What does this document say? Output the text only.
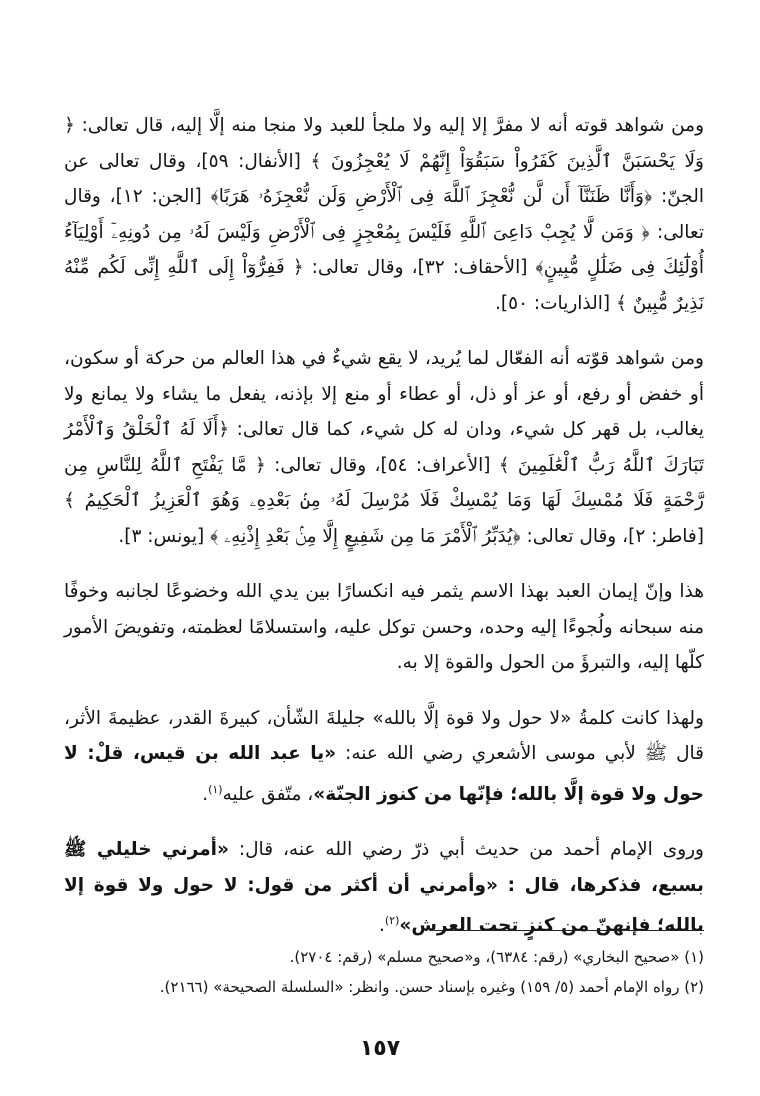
ومن شواهد قوته أنه لا مفرَّ إلا إليه ولا ملجأ للعبد ولا منجا منه إلَّا إليه، قال تعالى: ﴿ وَلَا يَحْسَبَنَّ ٱلَّذِينَ كَفَرُواْ سَبَقُوٓاْ إِنَّهُمْ لَا يُعْجِزُونَ ﴾ [الأنفال: ٥٩]، وقال تعالى عن الجنّ: ﴿وَأَنَّا ظَنَنَّآ أَن لَّن نُّعْجِزَ ٱللَّهَ فِى ٱلْأَرْضِ وَلَن نُّعْجِزَهُۥ هَرَبًا﴾ [الجن: ١٢]، وقال تعالى: ﴿ وَمَن لَّا يُجِبْ دَاعِىَ ٱللَّهِ فَلَيْسَ بِمُعْجِزٍ فِى ٱلْأَرْضِ وَلَيْسَ لَهُۥ مِن دُونِهِۦٓ أَوْلِيَآءُ أُوْلَٰٓئِكَ فِى ضَلَٰلٍ مُّبِينٍ﴾ [الأحقاف: ٣٢]، وقال تعالى: ﴿ فَفِرُّوٓاْ إِلَى ٱللَّهِ إِنِّى لَكُم مِّنْهُ نَذِيرٌ مُّبِينٌ ﴾ [الذاريات: ٥٠].

ومن شواهد قوّته أنه الفعّال لما يُريد، لا يقع شيءٌ في هذا العالم من حركة أو سكون، أو خفض أو رفع، أو عز أو ذل، أو عطاء أو منع إلا بإذنه، يفعل ما يشاء ولا يمانع ولا يغالب، بل قهر كل شيء، ودان له كل شيء، كما قال تعالى: ﴿أَلَا لَهُ ٱلْخَلْقُ وَٱلْأَمْرُ تَبَارَكَ ٱللَّهُ رَبُّ ٱلْعَٰلَمِينَ ﴾ [الأعراف: ٥٤]، وقال تعالى: ﴿ مَّا يَفْتَحِ ٱللَّهُ لِلنَّاسِ مِن رَّحْمَةٍ فَلَا مُمْسِكَ لَهَا وَمَا يُمْسِكْ فَلَا مُرْسِلَ لَهُۥ مِنۢ بَعْدِهِۦ وَهُوَ ٱلْعَزِيزُ ٱلْحَكِيمُ ﴾ [فاطر: ٢]، وقال تعالى: ﴿يُدَبِّرُ ٱلْأَمْرَ مَا مِن شَفِيعٍ إِلَّا مِنۢ بَعْدِ إِذْنِهِۦ ﴾ [يونس: ٣].

هذا وإنّ إيمان العبد بهذا الاسم يثمر فيه انكسارًا بين يدي الله وخضوعًا لجانبه وخوفًا منه سبحانه ولُجوءًا إليه وحده، وحسن توكل عليه، واستسلامًا لعظمته، وتفويضَ الأمور كلّها إليه، والتبرؤَ من الحول والقوة إلا به.

ولهذا كانت كلمةُ «لا حول ولا قوة إلَّا بالله» جليلةَ الشّأن، كبيرةَ القدر، عظيمةَ الأثر، قال ﷺ لأبي موسى الأشعري رضي الله عنه: «يا عبد الله بن قيس، قلْ: لا حول ولا قوة إلَّا بالله؛ فإنّها من كنوز الجنّة»، متّفق عليه$^{(١)}$.

وروى الإمام أحمد من حديث أبي ذرّ رضي الله عنه، قال: «أمرني خليلي ﷺ بسبع، فذكرها، قال : «وأمرني أن أكثر من قول: لا حول ولا قوة إلا بالله؛ فإنهنّ من كنزٍ تحت العرش»$^{(٢)}$.

(١) «صحيح البخاري» (رقم: ٦٣٨٤)، و«صحيح مسلم» (رقم: ٢٧٠٤).

(٢) رواه الإمام أحمد (٥/ ١٥٩) وغيره بإسناد حسن. وانظر: «السلسلة الصحيحة» (٢١٦٦).

١٥٧
